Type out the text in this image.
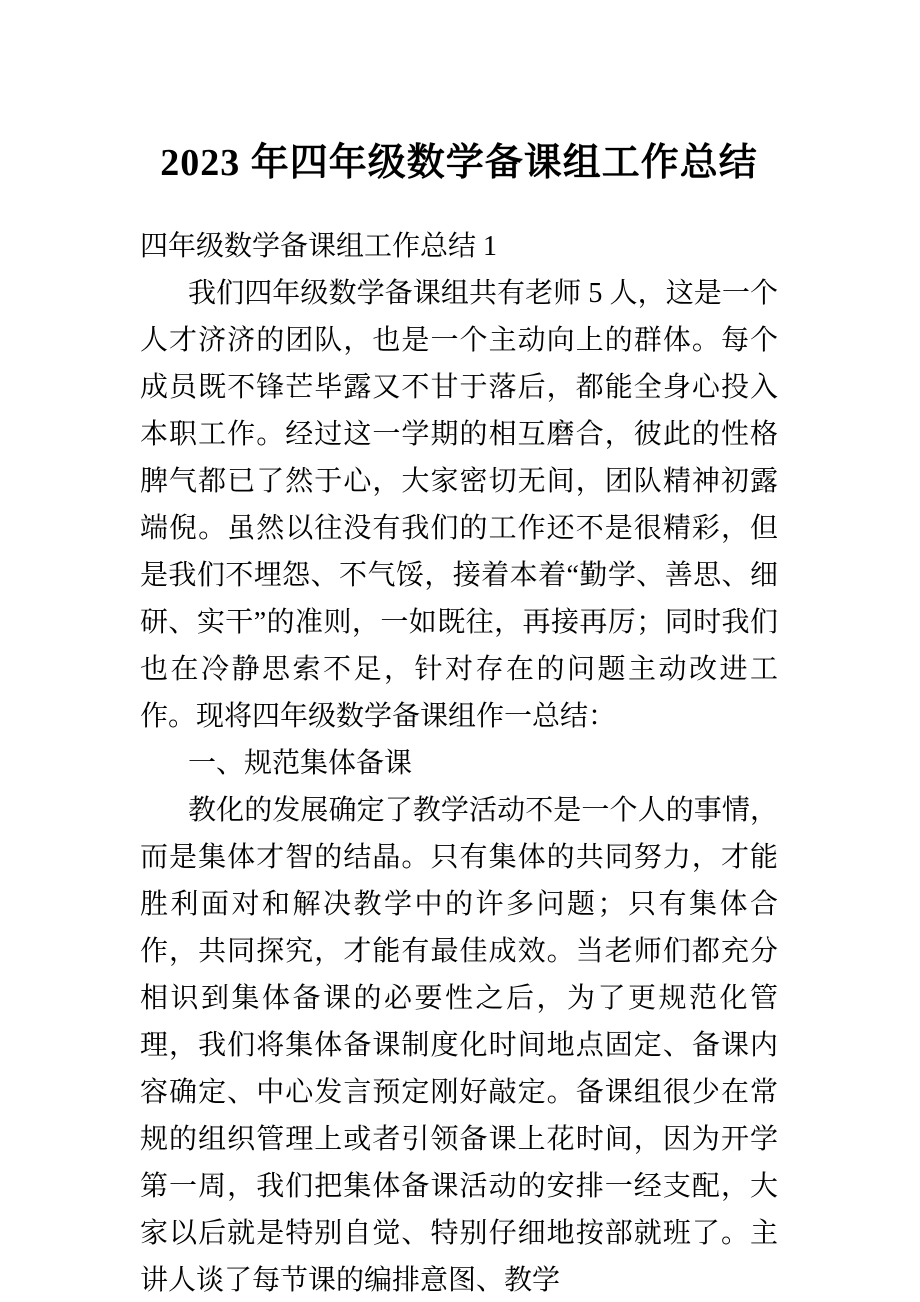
2023 年四年级数学备课组工作总结

四年级数学备课组工作总结 1

我们四年级数学备课组共有老师 5 人，这是一个人才济济的团队，也是一个主动向上的群体。每个成员既不锋芒毕露又不甘于落后，都能全身心投入本职工作。经过这一学期的相互磨合，彼此的性格脾气都已了然于心，大家密切无间，团队精神初露端倪。虽然以往没有我们的工作还不是很精彩，但是我们不埋怨、不气馁，接着本着“勤学、善思、细研、实干”的准则，一如既往，再接再厉；同时我们也在冷静思索不足，针对存在的问题主动改进工作。现将四年级数学备课组作一总结：

一、规范集体备课

教化的发展确定了教学活动不是一个人的事情，而是集体才智的结晶。只有集体的共同努力，才能胜利面对和解决教学中的许多问题；只有集体合作，共同探究，才能有最佳成效。当老师们都充分相识到集体备课的必要性之后，为了更规范化管理，我们将集体备课制度化时间地点固定、备课内容确定、中心发言预定刚好敲定。备课组很少在常规的组织管理上或者引领备课上花时间，因为开学第一周，我们把集体备课活动的安排一经支配，大家以后就是特别自觉、特别仔细地按部就班了。主讲人谈了每节课的编排意图、教学
